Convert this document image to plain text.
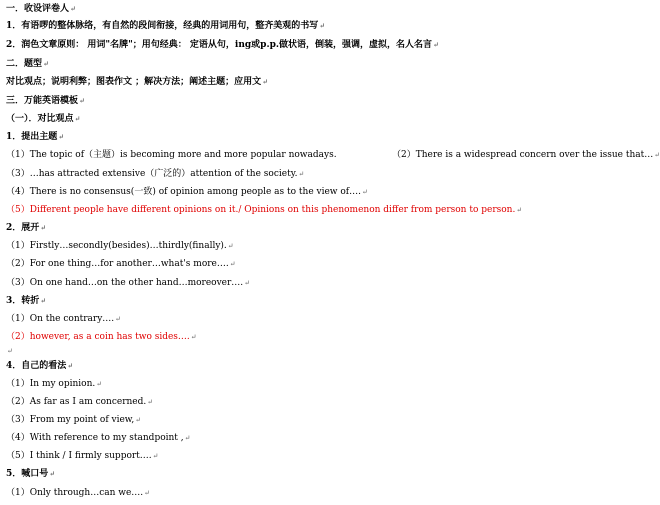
一．收设评卷人↵
1．有语啰的整体脉络，有自然的段间衔接，经典的用词用句，整齐美观的书写↵
2．润色文章原则： 用词"名牌"；用句经典： 定语从句，ing或p.p.做状语，倒装，强调，虚拟，名人名言↵
二．题型↵
对比观点；说明利弊；图表作文 ；解决方法；阐述主题；应用文↵
三．万能英语模板↵
（一）．对比观点↵
1．提出主题↵
（1）The topic of（主题）is becoming more and more popular nowadays.	（2）There is a widespread concern over the issue that…↵
（3）…has attracted extensive（广泛的）attention of the society.↵
（4）There is no consensus(一致) of opinion among people as to the view of….↵
（5）Different people have different opinions on it./ Opinions on this phenomenon differ from person to person.↵
2．展开↵
（1）Firstly…secondly(besides)…thirdly(finally).↵
（2）For one thing…for another…what's more….↵
（3）On one hand…on the other hand…moreover….↵
3．转折↵
（1）On the contrary….↵
（2）however, as a coin has two sides….↵
↵
4．自己的看法↵
（1）In my opinion.↵
（2）As far as I am concerned.↵
（3）From my point of view,↵
（4）With reference to my standpoint ,↵
（5）I think / I firmly support….↵
5．喊口号↵
（1）Only through…can we….↵
